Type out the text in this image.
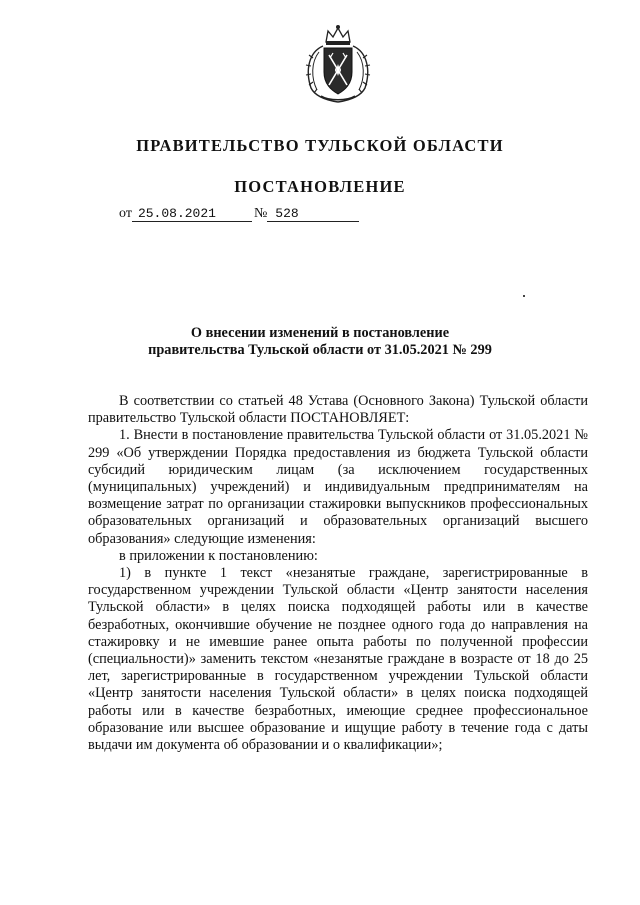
ПРАВИТЕЛЬСТВО ТУЛЬСКОЙ ОБЛАСТИ
ПОСТАНОВЛЕНИЕ
от 25.08.2021	№ 528
О внесении изменений в постановление
правительства Тульской области от 31.05.2021 № 299

В соответствии со статьей 48 Устава (Основного Закона) Тульской области правительство Тульской области ПОСТАНОВЛЯЕТ:

1. Внести в постановление правительства Тульской области от 31.05.2021 № 299 «Об утверждении Порядка предоставления из бюджета Тульской области субсидий юридическим лицам (за исключением государственных (муниципальных) учреждений) и индивидуальным предпринимателям на возмещение затрат по организации стажировки выпускников профессиональных образовательных организаций и образовательных организаций высшего образования» следующие изменения:

в приложении к постановлению:

1) в пункте 1 текст «незанятые граждане, зарегистрированные в государственном учреждении Тульской области «Центр занятости населения Тульской области» в целях поиска подходящей работы или в качестве безработных, окончившие обучение не позднее одного года до направления на стажировку и не имевшие ранее опыта работы по полученной профессии (специальности)» заменить текстом «незанятые граждане в возрасте от 18 до 25 лет, зарегистрированные в государственном учреждении Тульской области «Центр занятости населения Тульской области» в целях поиска подходящей работы или в качестве безработных, имеющие среднее профессиональное образование или высшее образование и ищущие работу в течение года с даты выдачи им документа об образовании и о квалификации»;
